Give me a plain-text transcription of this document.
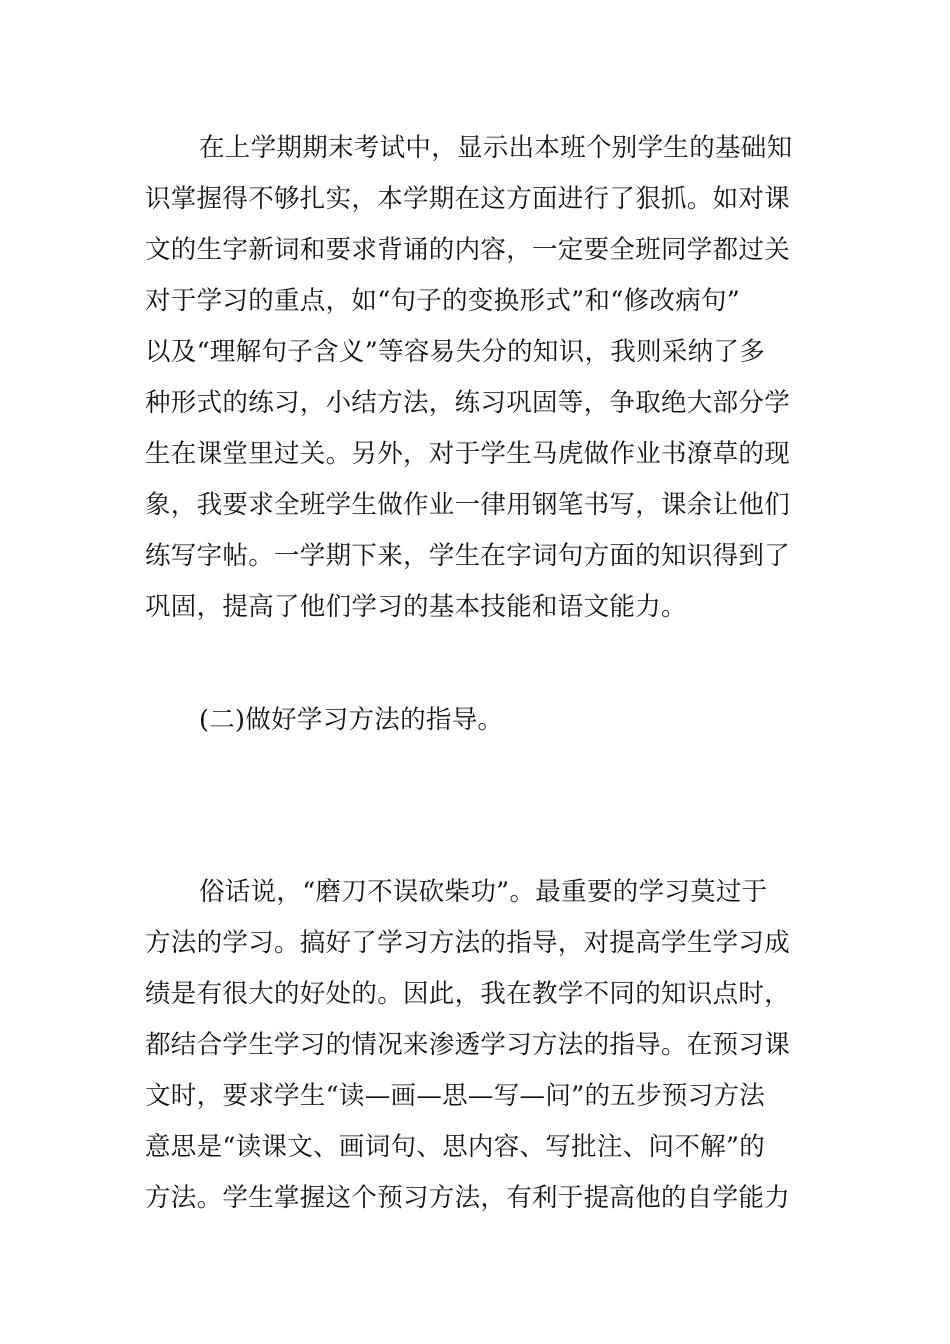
在上学期期末考试中，显示出本班个别学生的基础知
识掌握得不够扎实，本学期在这方面进行了狠抓。如对课
文的生字新词和要求背诵的内容，一定要全班同学都过关
对于学习的重点，如“句子的变换形式”和“修改病句”
以及“理解句子含义”等容易失分的知识，我则采纳了多
种形式的练习，小结方法，练习巩固等，争取绝大部分学
生在课堂里过关。另外，对于学生马虎做作业书潦草的现
象，我要求全班学生做作业一律用钢笔书写，课余让他们
练写字帖。一学期下来，学生在字词句方面的知识得到了
巩固，提高了他们学习的基本技能和语文能力。
(二)做好学习方法的指导。
俗话说，“磨刀不误砍柴功”。最重要的学习莫过于
方法的学习。搞好了学习方法的指导，对提高学生学习成
绩是有很大的好处的。因此，我在教学不同的知识点时，
都结合学生学习的情况来渗透学习方法的指导。在预习课
文时，要求学生“读—画—思—写—问”的五步预习方法
意思是“读课文、画词句、思内容、写批注、问不解”的
方法。学生掌握这个预习方法，有利于提高他的自学能力
